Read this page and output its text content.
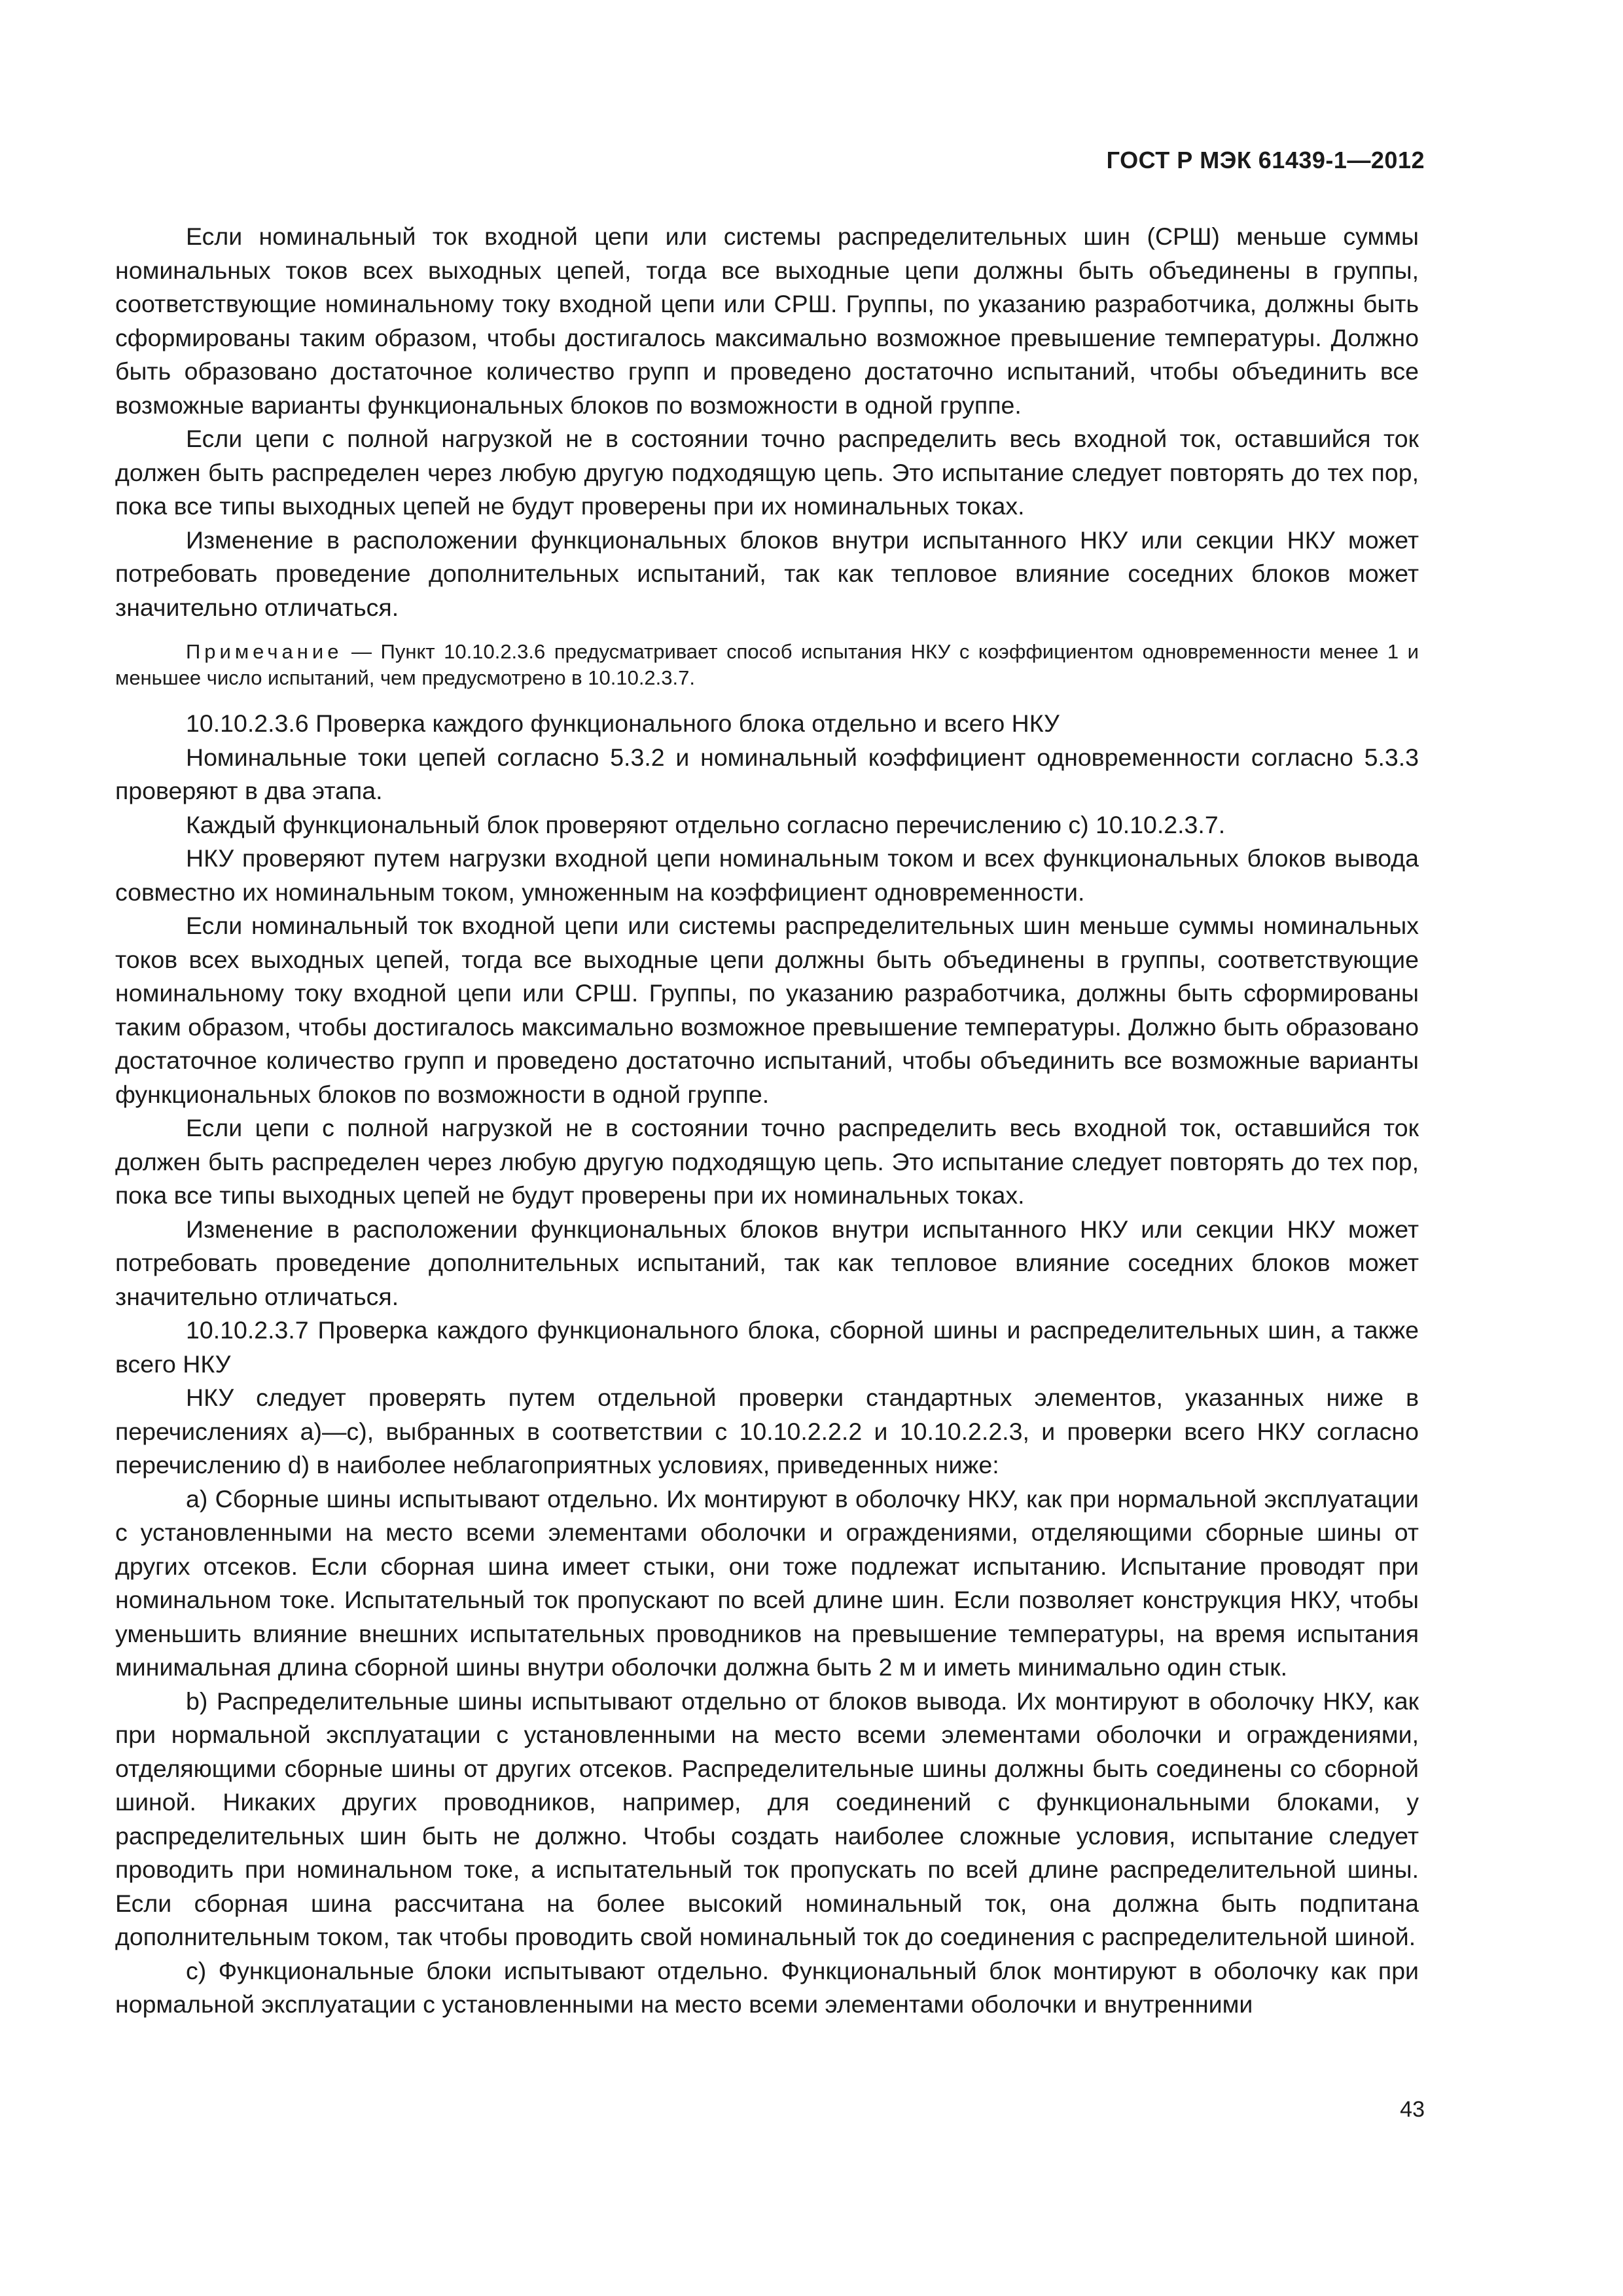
ГОСТ Р МЭК 61439-1—2012

Если номинальный ток входной цепи или системы распределительных шин (СРШ) меньше суммы номинальных токов всех выходных цепей, тогда все выходные цепи должны быть объединены в группы, соответствующие номинальному току входной цепи или СРШ. Группы, по указанию разработчика, должны быть сформированы таким образом, чтобы достигалось максимально возможное превышение температуры. Должно быть образовано достаточное количество групп и проведено достаточно испытаний, чтобы объединить все возможные варианты функциональных блоков по возможности в одной группе.

Если цепи с полной нагрузкой не в состоянии точно распределить весь входной ток, оставшийся ток должен быть распределен через любую другую подходящую цепь. Это испытание следует повторять до тех пор, пока все типы выходных цепей не будут проверены при их номинальных токах.

Изменение в расположении функциональных блоков внутри испытанного НКУ или секции НКУ может потребовать проведение дополнительных испытаний, так как тепловое влияние соседних блоков может значительно отличаться.

Примечание — Пункт 10.10.2.3.6 предусматривает способ испытания НКУ с коэффициентом одновременности менее 1 и меньшее число испытаний, чем предусмотрено в 10.10.2.3.7.

10.10.2.3.6 Проверка каждого функционального блока отдельно и всего НКУ

Номинальные токи цепей согласно 5.3.2 и номинальный коэффициент одновременности согласно 5.3.3 проверяют в два этапа.

Каждый функциональный блок проверяют отдельно согласно перечислению с) 10.10.2.3.7.

НКУ проверяют путем нагрузки входной цепи номинальным током и всех функциональных блоков вывода совместно их номинальным током, умноженным на коэффициент одновременности.

Если номинальный ток входной цепи или системы распределительных шин меньше суммы номинальных токов всех выходных цепей, тогда все выходные цепи должны быть объединены в группы, соответствующие номинальному току входной цепи или СРШ. Группы, по указанию разработчика, должны быть сформированы таким образом, чтобы достигалось максимально возможное превышение температуры. Должно быть образовано достаточное количество групп и проведено достаточно испытаний, чтобы объединить все возможные варианты функциональных блоков по возможности в одной группе.

Если цепи с полной нагрузкой не в состоянии точно распределить весь входной ток, оставшийся ток должен быть распределен через любую другую подходящую цепь. Это испытание следует повторять до тех пор, пока все типы выходных цепей не будут проверены при их номинальных токах.

Изменение в расположении функциональных блоков внутри испытанного НКУ или секции НКУ может потребовать проведение дополнительных испытаний, так как тепловое влияние соседних блоков может значительно отличаться.

10.10.2.3.7 Проверка каждого функционального блока, сборной шины и распределительных шин, а также всего НКУ

НКУ следует проверять путем отдельной проверки стандартных элементов, указанных ниже в перечислениях а)—с), выбранных в соответствии с 10.10.2.2.2 и 10.10.2.2.3, и проверки всего НКУ согласно перечислению d) в наиболее неблагоприятных условиях, приведенных ниже:

а) Сборные шины испытывают отдельно. Их монтируют в оболочку НКУ, как при нормальной эксплуатации с установленными на место всеми элементами оболочки и ограждениями, отделяющими сборные шины от других отсеков. Если сборная шина имеет стыки, они тоже подлежат испытанию. Испытание проводят при номинальном токе. Испытательный ток пропускают по всей длине шин. Если позволяет конструкция НКУ, чтобы уменьшить влияние внешних испытательных проводников на превышение температуры, на время испытания минимальная длина сборной шины внутри оболочки должна быть 2 м и иметь минимально один стык.

b) Распределительные шины испытывают отдельно от блоков вывода. Их монтируют в оболочку НКУ, как при нормальной эксплуатации с установленными на место всеми элементами оболочки и ограждениями, отделяющими сборные шины от других отсеков. Распределительные шины должны быть соединены со сборной шиной. Никаких других проводников, например, для соединений с функциональными блоками, у распределительных шин быть не должно. Чтобы создать наиболее сложные условия, испытание следует проводить при номинальном токе, а испытательный ток пропускать по всей длине распределительной шины. Если сборная шина рассчитана на более высокий номинальный ток, она должна быть подпитана дополнительным током, так чтобы проводить свой номинальный ток до соединения с распределительной шиной.

с) Функциональные блоки испытывают отдельно. Функциональный блок монтируют в оболочку как при нормальной эксплуатации с установленными на место всеми элементами оболочки и внутренними

43
